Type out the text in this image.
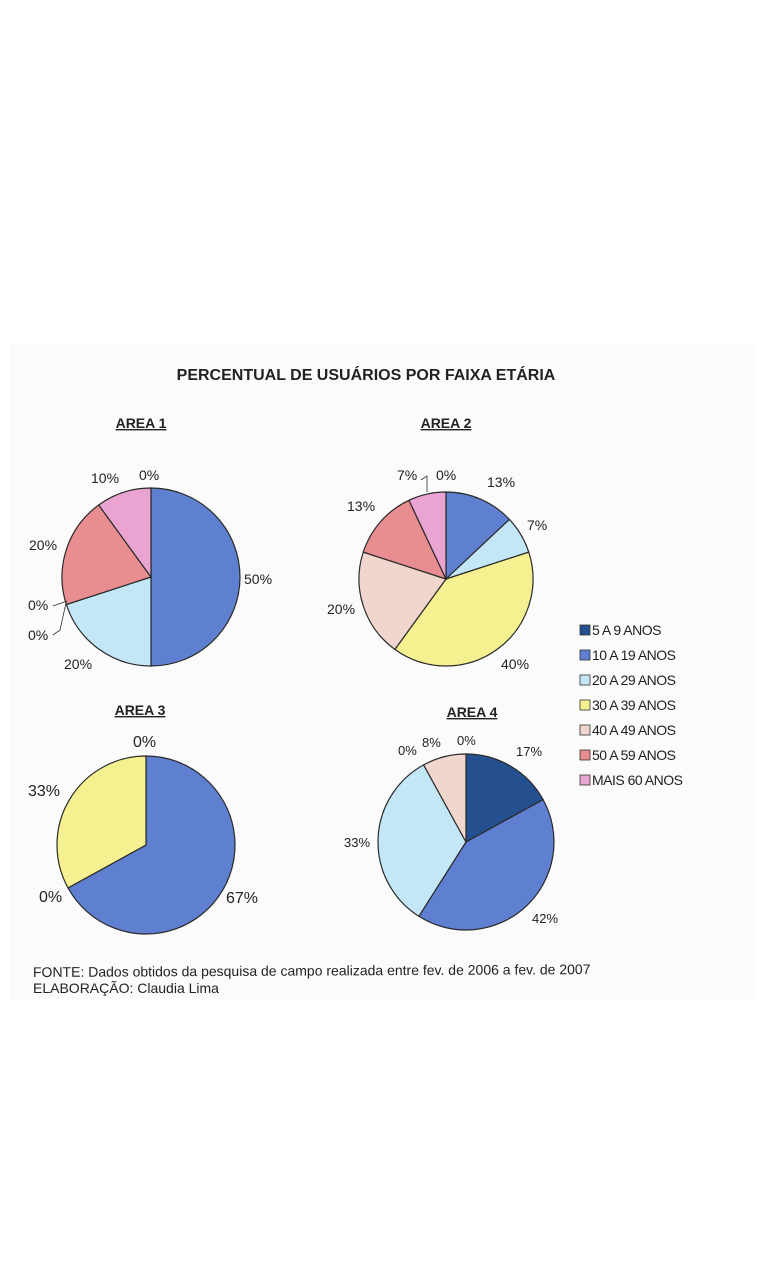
PERCENTUAL DE USUÁRIOS POR FAIXA ETÁRIA
AREA 1
0%
50%
20%
0%
0%
20%
10%
AREA 2
0% 13%
7%
40%
20%
13%
7%
AREA 3
67%
0%
33%
0%
AREA 4
17%
42%
33%
0%
8% 0%
5 A 9 ANOS
10 A 19 ANOS
20 A 29 ANOS
30 A 39 ANOS
40 A 49 ANOS
50 A 59 ANOS
MAIS 60 ANOS
FONTE: Dados obtidos da pesquisa de campo realizada entre fev. de 2006 a fev. de 2007
ELABORAÇÃO: Claudia Lima
